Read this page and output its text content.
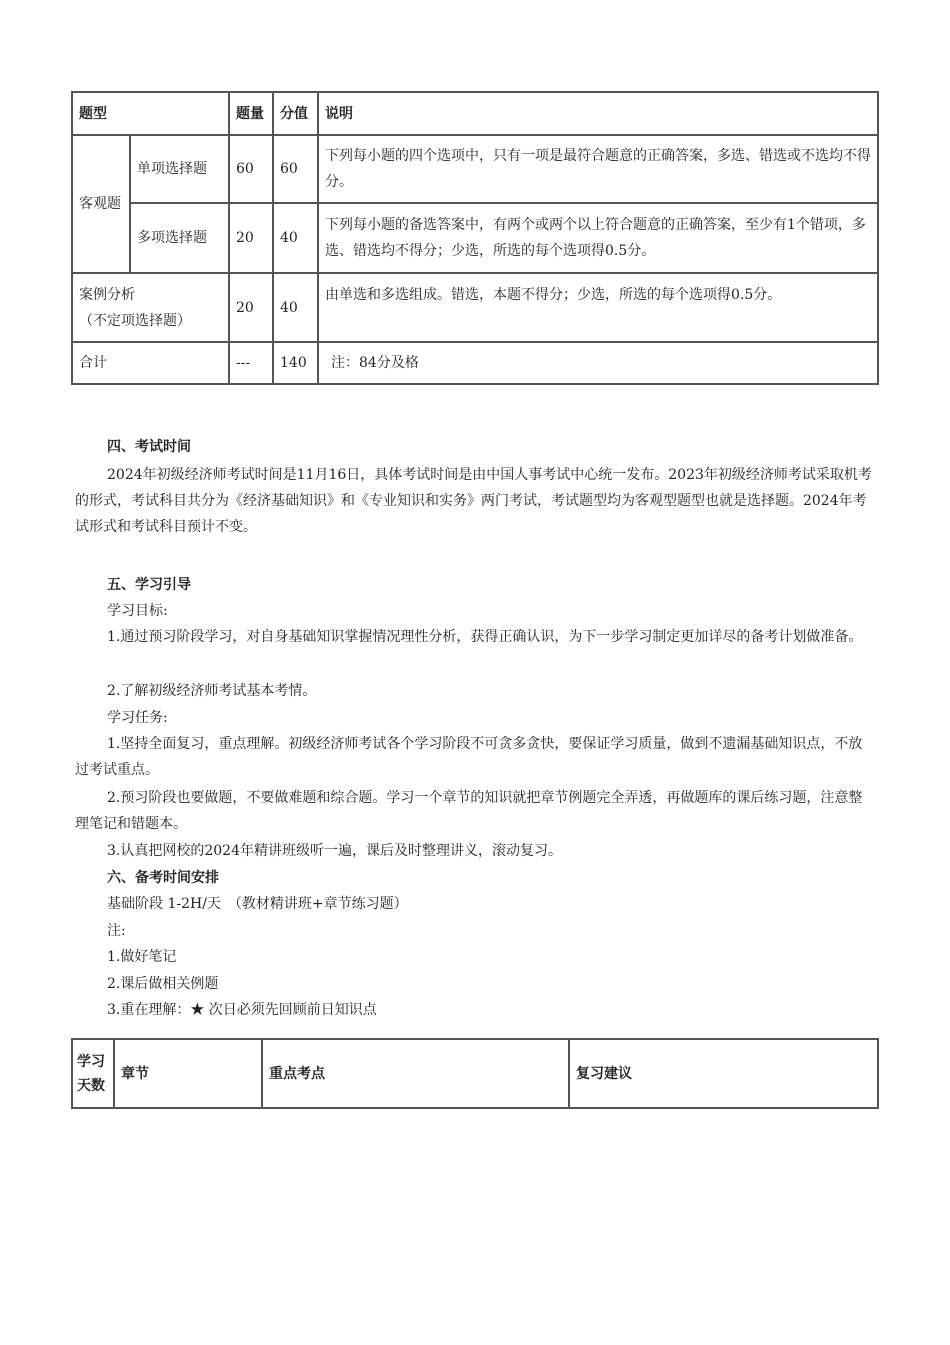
题型		题量	分值	说明
客观题	单项选择题	60	60	下列每小题的四个选项中，只有一项是最符合题意的正确答案，多选、错选或不选均不得分。
	多项选择题	20	40	下列每小题的备选答案中，有两个或两个以上符合题意的正确答案，至少有1个错项，多选、错选均不得分；少选，所选的每个选项得0.5分。

案例分析
（不定项选择题）		20	40	由单选和多选组成。错选，本题不得分；少选，所选的每个选项得0.5分。
合计		---	140	注：84分及格
四、考试时间
2024年初级经济师考试时间是11月16日，具体考试时间是由中国人事考试中心统一发布。2023年初级经济师考试采取机考的形式，考试科目共分为《经济基础知识》和《专业知识和实务》两门考试，考试题型均为客观型题型也就是选择题。2024年考试形式和考试科目预计不变。
五、学习引导
学习目标:
1.通过预习阶段学习，对自身基础知识掌握情况理性分析，获得正确认识，为下一步学习制定更加详尽的备考计划做准备。
2.了解初级经济师考试基本考情。
学习任务:
1.坚持全面复习，重点理解。初级经济师考试各个学习阶段不可贪多贪快，要保证学习质量，做到不遗漏基础知识点，不放过考试重点。
2.预习阶段也要做题，不要做难题和综合题。学习一个章节的知识就把章节例题完全弄透，再做题库的课后练习题，注意整理笔记和错题本。
3.认真把网校的2024年精讲班级听一遍，课后及时整理讲义，滚动复习。
六、备考时间安排
基础阶段 1-2H/天　（教材精讲班+章节练习题）
注:
1.做好笔记
2.课后做相关例题
3.重在理解：★ 次日必须先回顾前日知识点
学习
天数
	章节	重点考点	复习建议
